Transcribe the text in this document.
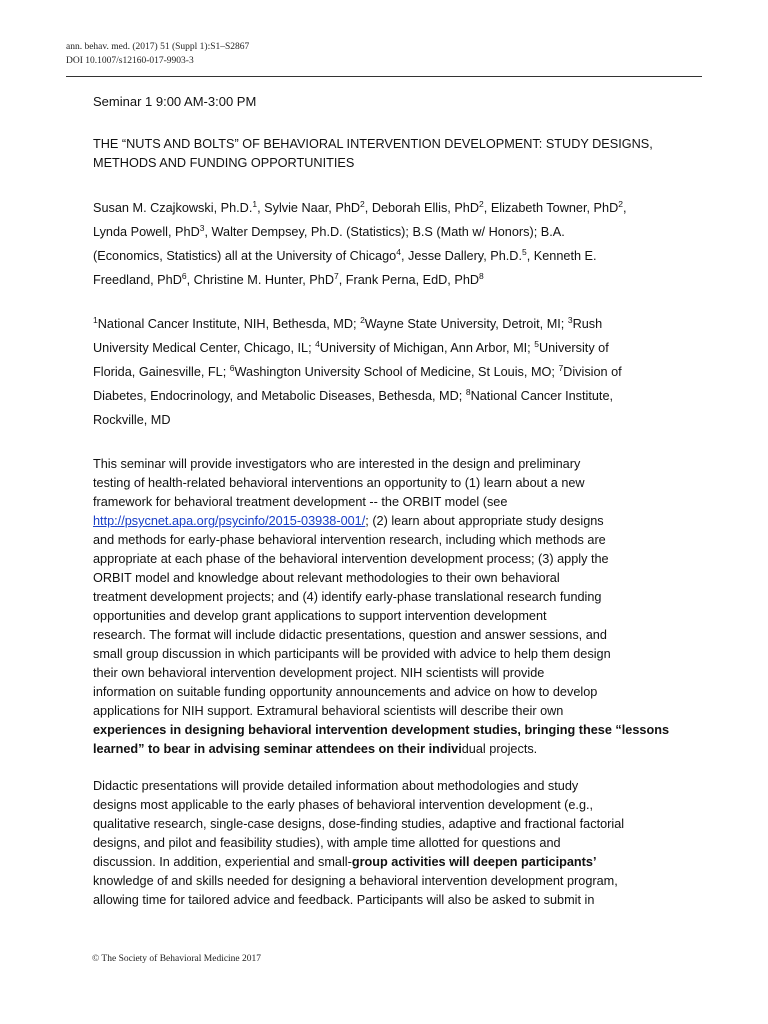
ann. behav. med. (2017) 51 (Suppl 1):S1–S2867
DOI 10.1007/s12160-017-9903-3
Seminar 1 9:00 AM-3:00 PM
THE “NUTS AND BOLTS” OF BEHAVIORAL INTERVENTION DEVELOPMENT: STUDY DESIGNS,
METHODS AND FUNDING OPPORTUNITIES
Susan M. Czajkowski, Ph.D.$^1$, Sylvie Naar, PhD$^2$, Deborah Ellis, PhD$^2$, Elizabeth Towner, PhD$^2$,
Lynda Powell, PhD$^3$, Walter Dempsey, Ph.D. (Statistics); B.S (Math w/ Honors); B.A.
(Economics, Statistics) all at the University of Chicago$^4$, Jesse Dallery, Ph.D.$^5$, Kenneth E.
Freedland, PhD$^6$, Christine M. Hunter, PhD$^7$, Frank Perna, EdD, PhD$^8$
$^1$National Cancer Institute, NIH, Bethesda, MD; $^2$Wayne State University, Detroit, MI; $^3$Rush
University Medical Center, Chicago, IL; $^4$University of Michigan, Ann Arbor, MI; $^5$University of
Florida, Gainesville, FL; $^6$Washington University School of Medicine, St Louis, MO; $^7$Division of
Diabetes, Endocrinology, and Metabolic Diseases, Bethesda, MD; $^8$National Cancer Institute,
Rockville, MD
This seminar will provide investigators who are interested in the design and preliminary
testing of health-related behavioral interventions an opportunity to (1) learn about a new
framework for behavioral treatment development -- the ORBIT model (see
http://psycnet.apa.org/psycinfo/2015-03938-001/; (2) learn about appropriate study designs
and methods for early-phase behavioral intervention research, including which methods are
appropriate at each phase of the behavioral intervention development process; (3) apply the
ORBIT model and knowledge about relevant methodologies to their own behavioral
treatment development projects; and (4) identify early-phase translational research funding
opportunities and develop grant applications to support intervention development
research. The format will include didactic presentations, question and answer sessions, and
small group discussion in which participants will be provided with advice to help them design
their own behavioral intervention development project. NIH scientists will provide
information on suitable funding opportunity announcements and advice on how to develop
applications for NIH support. Extramural behavioral scientists will describe their own
experiences in designing behavioral intervention development studies, bringing these “lessons
learned” to bear in advising seminar attendees on their individual projects.
Didactic presentations will provide detailed information about methodologies and study
designs most applicable to the early phases of behavioral intervention development (e.g.,
qualitative research, single-case designs, dose-finding studies, adaptive and fractional factorial
designs, and pilot and feasibility studies), with ample time allotted for questions and
discussion. In addition, experiential and small-group activities will deepen participants’
knowledge of and skills needed for designing a behavioral intervention development program,
allowing time for tailored advice and feedback. Participants will also be asked to submit in
© The Society of Behavioral Medicine 2017
